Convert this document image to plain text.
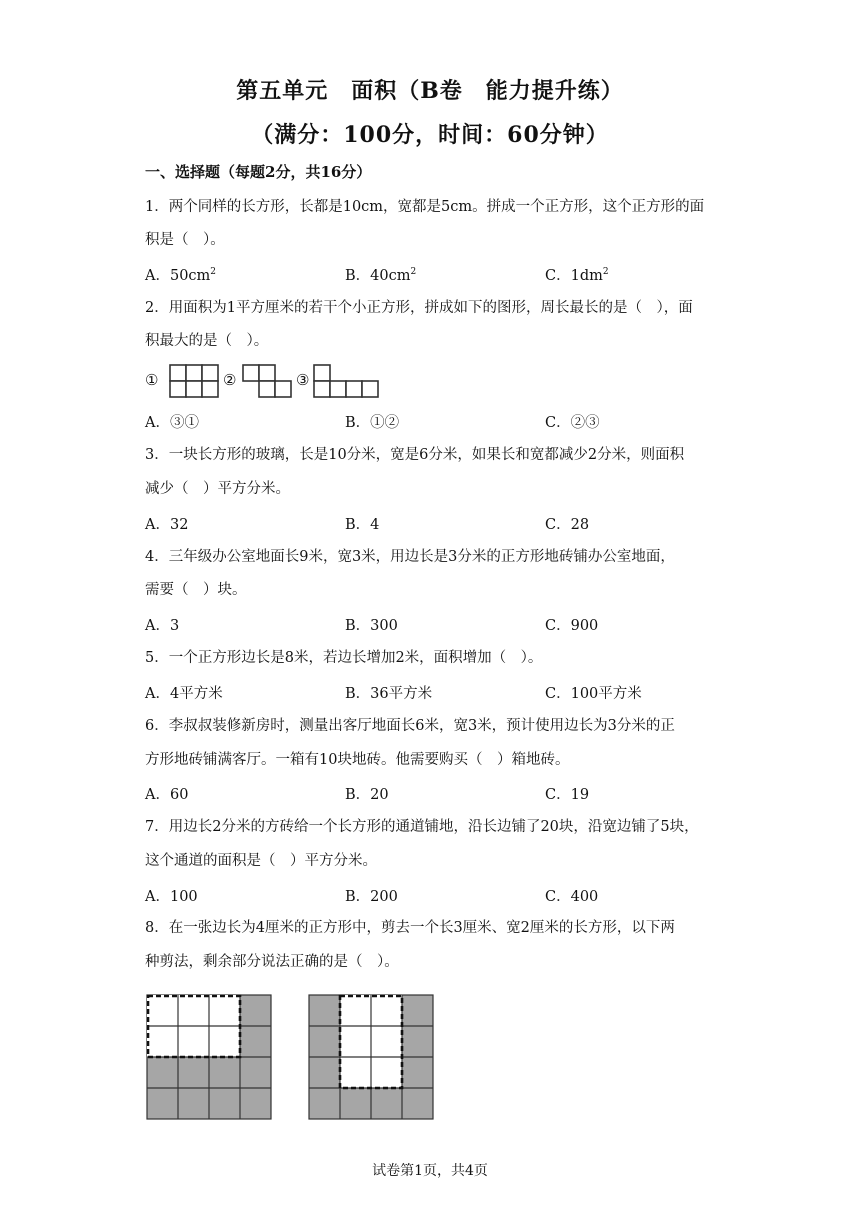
第五单元　面积（B卷　能力提升练）
（满分：100分，时间：60分钟）
一、选择题（每题2分，共16分）
1．两个同样的长方形，长都是10cm，宽都是5cm。拼成一个正方形，这个正方形的面
积是（　）。
A．$50cm^2$	B．$40cm^2$	C．$1dm^2$
2．用面积为1平方厘米的若干个小正方形，拼成如下的图形，周长最长的是（　），面
积最大的是（　）。
①	②	③
A．③①	B．①②	C．②③
3．一块长方形的玻璃，长是10分米，宽是6分米，如果长和宽都减少2分米，则面积
减少（　）平方分米。
A．32	B．4	C．28
4．三年级办公室地面长9米，宽3米，用边长是3分米的正方形地砖铺办公室地面，
需要（　）块。
A．3	B．300	C．900
5．一个正方形边长是8米，若边长增加2米，面积增加（　）。
A．4平方米	B．36平方米	C．100平方米
6．李叔叔装修新房时，测量出客厅地面长6米，宽3米，预计使用边长为3分米的正
方形地砖铺满客厅。一箱有10块地砖。他需要购买（　）箱地砖。
A．60	B．20	C．19
7．用边长2分米的方砖给一个长方形的通道铺地，沿长边铺了20块，沿宽边铺了5块，
这个通道的面积是（　）平方分米。
A．100	B．200	C．400
8．在一张边长为4厘米的正方形中，剪去一个长3厘米、宽2厘米的长方形，以下两
种剪法，剩余部分说法正确的是（　）。
试卷第1页，共4页
